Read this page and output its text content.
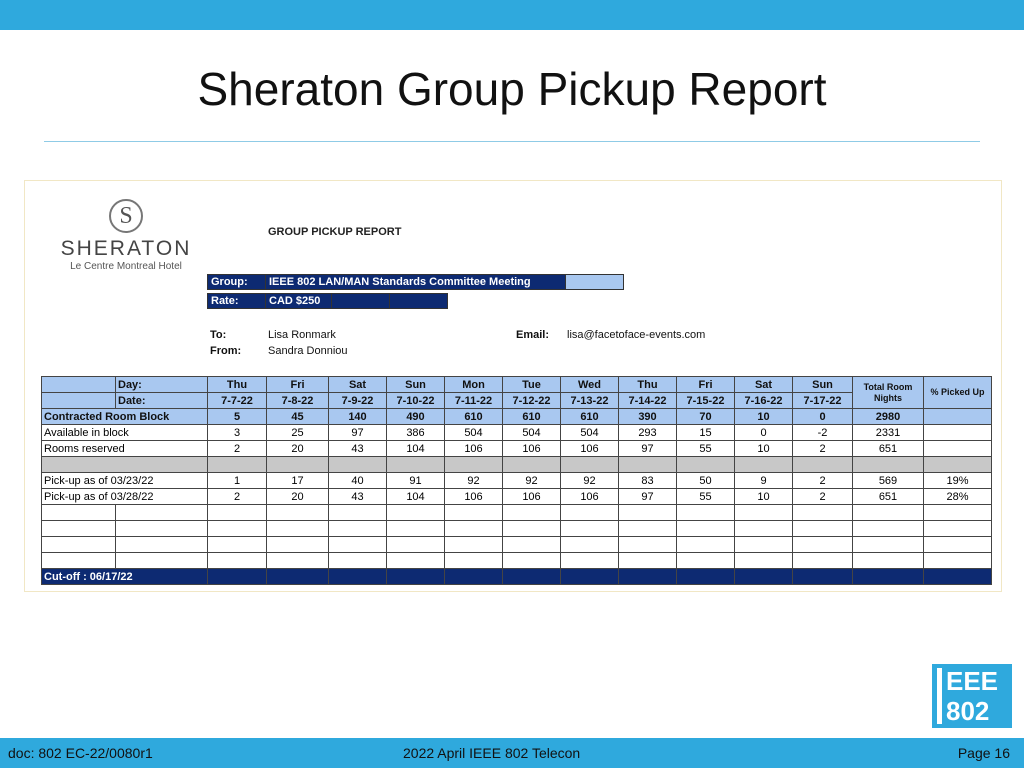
Sheraton Group Pickup Report
S
SHERATON
Le Centre Montreal Hotel
GROUP PICKUP REPORT
Group:	IEEE 802 LAN/MAN Standards Committee Meeting	
Rate:	CAD $250		
To:	Lisa Ronmark
From: Sandra Donniou
Email: lisa@facetoface-events.com
	Day:	Thu	Fri	Sat	Sun	Mon	Tue	Wed	Thu	Fri	Sat	Sun	Total Room Nights	% Picked Up
	Date:	7-7-22	7-8-22	7-9-22	7-10-22	7-11-22	7-12-22	7-13-22	7-14-22	7-15-22	7-16-22	7-17-22		
Contracted Room Block		5	45	140	490	610	610	610	390	70	10	0	2980	
Available in block		3	25	97	386	504	504	504	293	15	0	-2	2331	
Rooms reserved		2	20	43	104	106	106	106	97	55	10	2	651	

Pick-up as of 03/23/22		1	17	40	91	92	92	92	83	50	9	2	569	19%
Pick-up as of 03/28/22		2	20	43	104	106	106	106	97	55	10	2	651	28%

Cut-off : 06/17/22														
EEE
802
doc: 802 EC-22/0080r1	2022 April IEEE 802 Telecon	Page 16
